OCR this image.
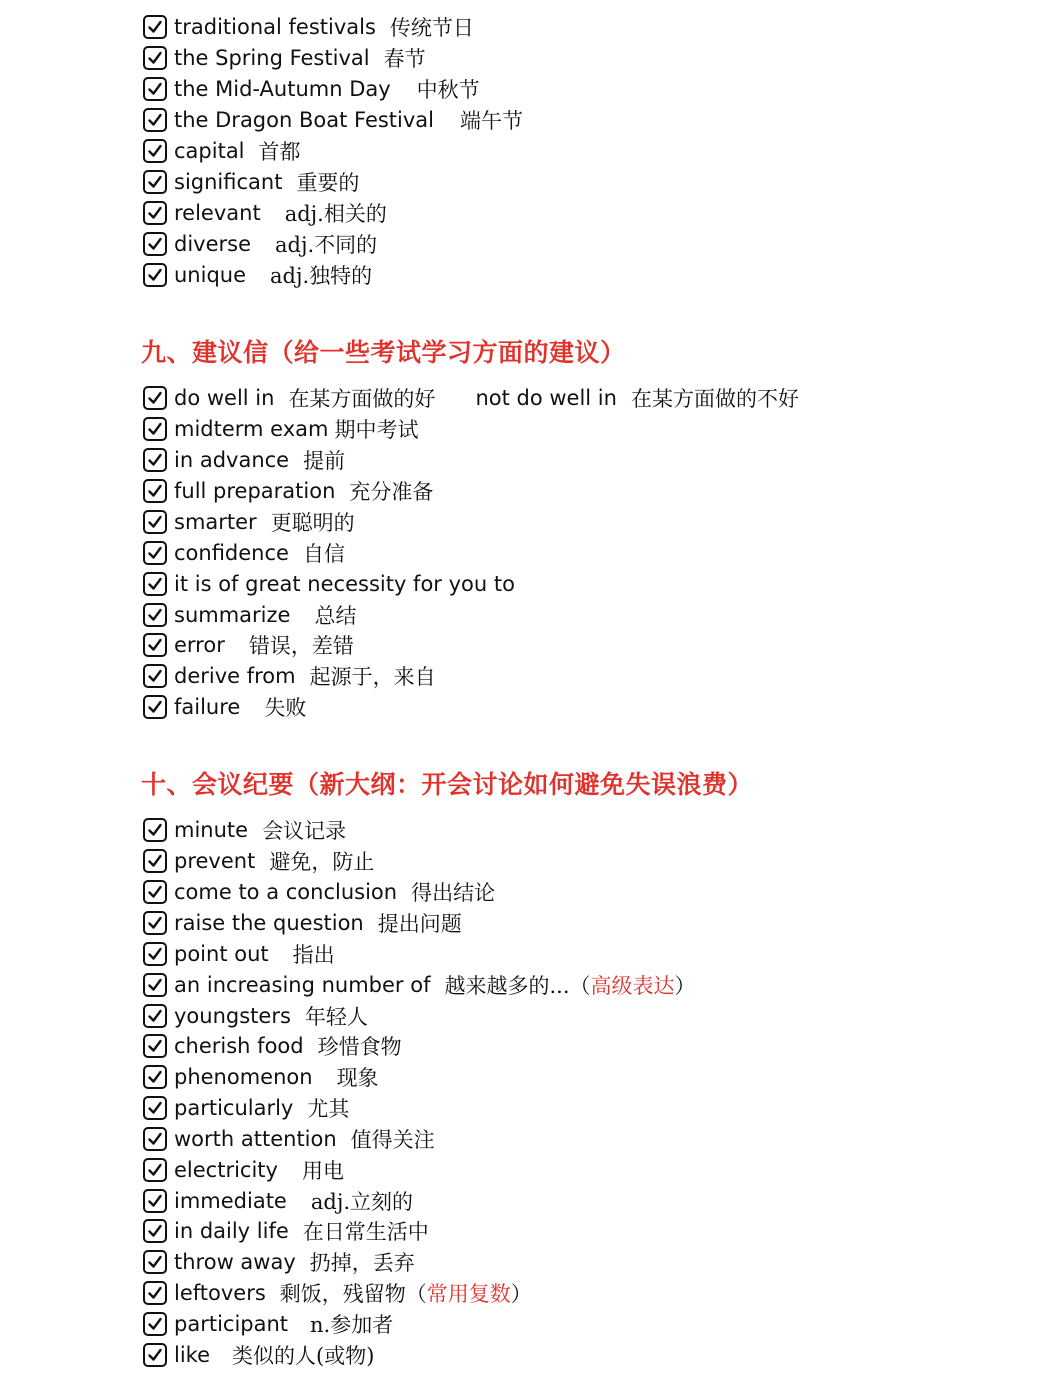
traditional festivals 传统节日
the Spring Festival 春节
the Mid-Autumn Day 中秋节
the Dragon Boat Festival 端午节
capital 首都
significant 重要的
relevant adj.相关的
diverse adj.不同的
unique adj.独特的
九、建议信（给一些考试学习方面的建议）
do well in 在某方面做的好 not do well in 在某方面做的不好
midterm exam 期中考试
in advance 提前
full preparation 充分准备
smarter 更聪明的
confidence 自信
it is of great necessity for you to
summarize 总结
error 错误，差错
derive from 起源于，来自
failure 失败
十、会议纪要（新大纲：开会讨论如何避免失误浪费）
minute 会议记录
prevent 避免，防止
come to a conclusion 得出结论
raise the question 提出问题
point out 指出
an increasing number of 越来越多的...（ 高级表达 ）
youngsters 年轻人
cherish food 珍惜食物
phenomenon 现象
particularly 尤其
worth attention 值得关注
electricity 用电
immediate adj.立刻的
in daily life 在日常生活中
throw away 扔掉，丢弃
leftovers 剩饭，残留物（ 常用复数 ）
participant n.参加者
like 类似的人(或物)
